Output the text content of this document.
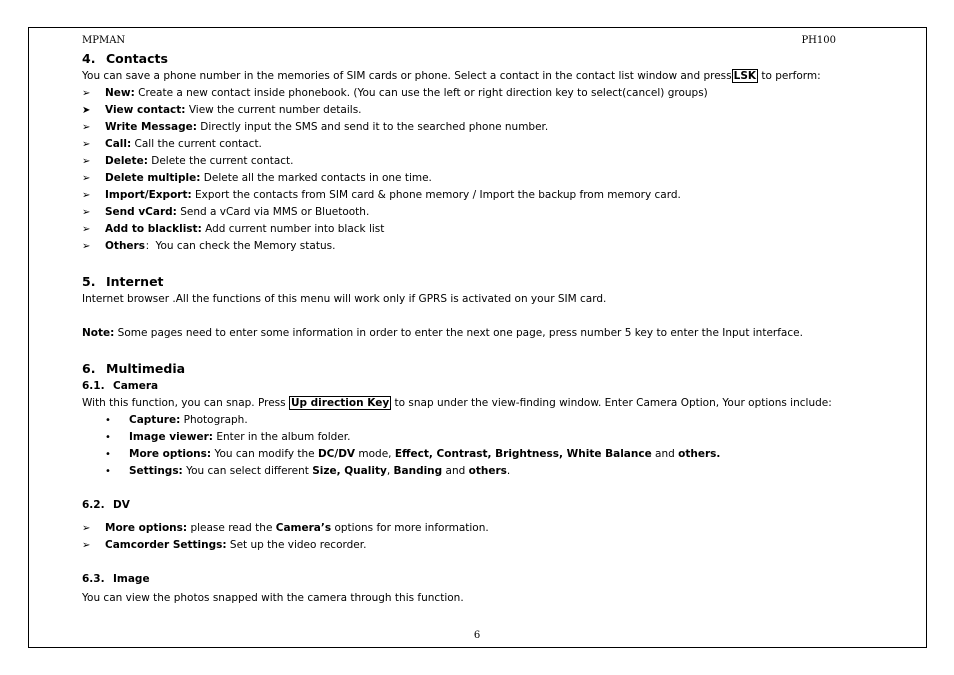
MPMAN	PH100
4. Contacts

You can save a phone number in the memories of SIM cards or phone. Select a contact in the contact list window and press LSK to perform:

➢ New: Create a new contact inside phonebook. (You can use the left or right direction key to select(cancel) groups)
➤ View contact: View the current number details.
➢ Write Message: Directly input the SMS and send it to the searched phone number.
➢ Call: Call the current contact.
➢ Delete: Delete the current contact.
➢ Delete multiple: Delete all the marked contacts in one time.
➢ Import/Export: Export the contacts from SIM card & phone memory / Import the backup from memory card.
➢ Send vCard: Send a vCard via MMS or Bluetooth.
➢ Add to blacklist: Add current number into black list
➢ Others：You can check the Memory status.
5. Internet

Internet browser .All the functions of this menu will work only if GPRS is activated on your SIM card.

Note: Some pages need to enter some information in order to enter the next one page, press number 5 key to enter the Input interface.

6. Multimedia
6.1. Camera

With this function, you can snap. Press Up direction Key to snap under the view-finding window. Enter Camera Option, Your options include:

• Capture: Photograph.
• Image viewer: Enter in the album folder.
• More options: You can modify the DC/DV mode, Effect, Contrast, Brightness, White Balance and others.
• Settings: You can select different Size, Quality, Banding and others.
6.2. DV
➢ More options: please read the Camera’s options for more information.
➢ Camcorder Settings: Set up the video recorder.
6.3. Image

You can view the photos snapped with the camera through this function.

6
